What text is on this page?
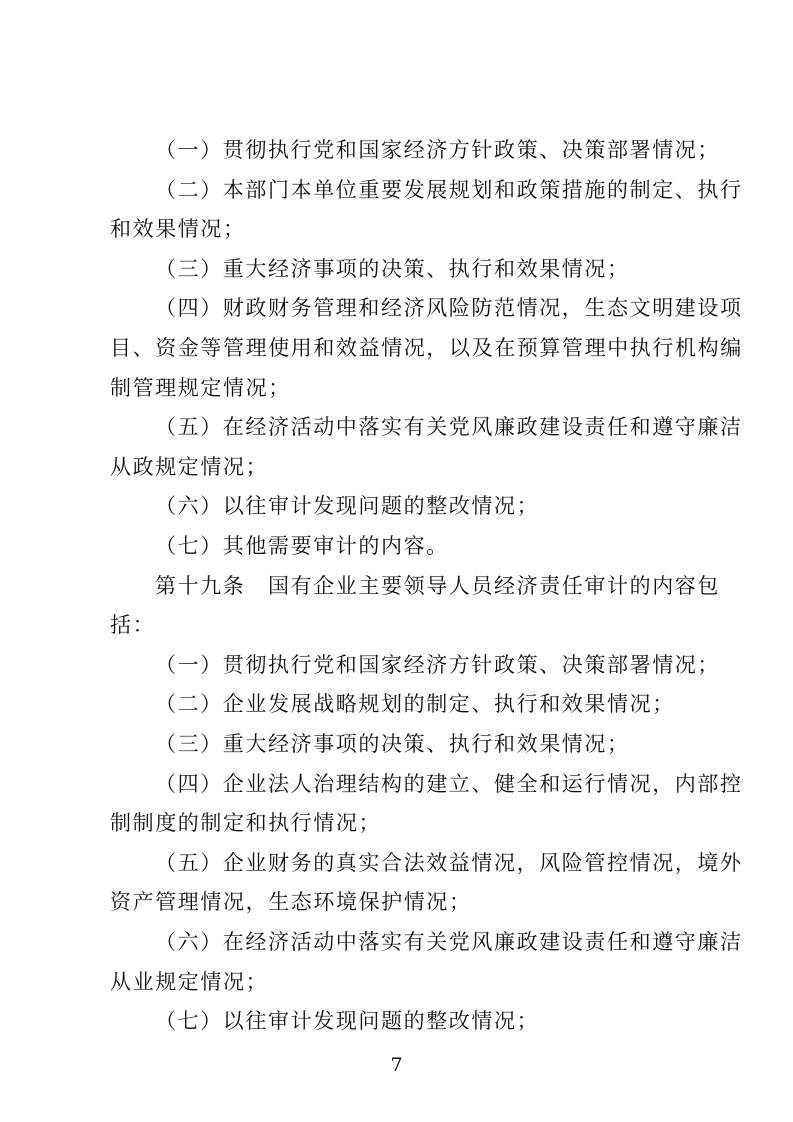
（一）贯彻执行党和国家经济方针政策、决策部署情况；
（二）本部门本单位重要发展规划和政策措施的制定、执行
和效果情况；
（三）重大经济事项的决策、执行和效果情况；
（四）财政财务管理和经济风险防范情况，生态文明建设项
目、资金等管理使用和效益情况，以及在预算管理中执行机构编
制管理规定情况；
（五）在经济活动中落实有关党风廉政建设责任和遵守廉洁
从政规定情况；
（六）以往审计发现问题的整改情况；
（七）其他需要审计的内容。
第十九条　国有企业主要领导人员经济责任审计的内容包
括：
（一）贯彻执行党和国家经济方针政策、决策部署情况；
（二）企业发展战略规划的制定、执行和效果情况；
（三）重大经济事项的决策、执行和效果情况；
（四）企业法人治理结构的建立、健全和运行情况，内部控
制制度的制定和执行情况；
（五）企业财务的真实合法效益情况，风险管控情况，境外
资产管理情况，生态环境保护情况；
（六）在经济活动中落实有关党风廉政建设责任和遵守廉洁
从业规定情况；
7
（七）以往审计发现问题的整改情况；
